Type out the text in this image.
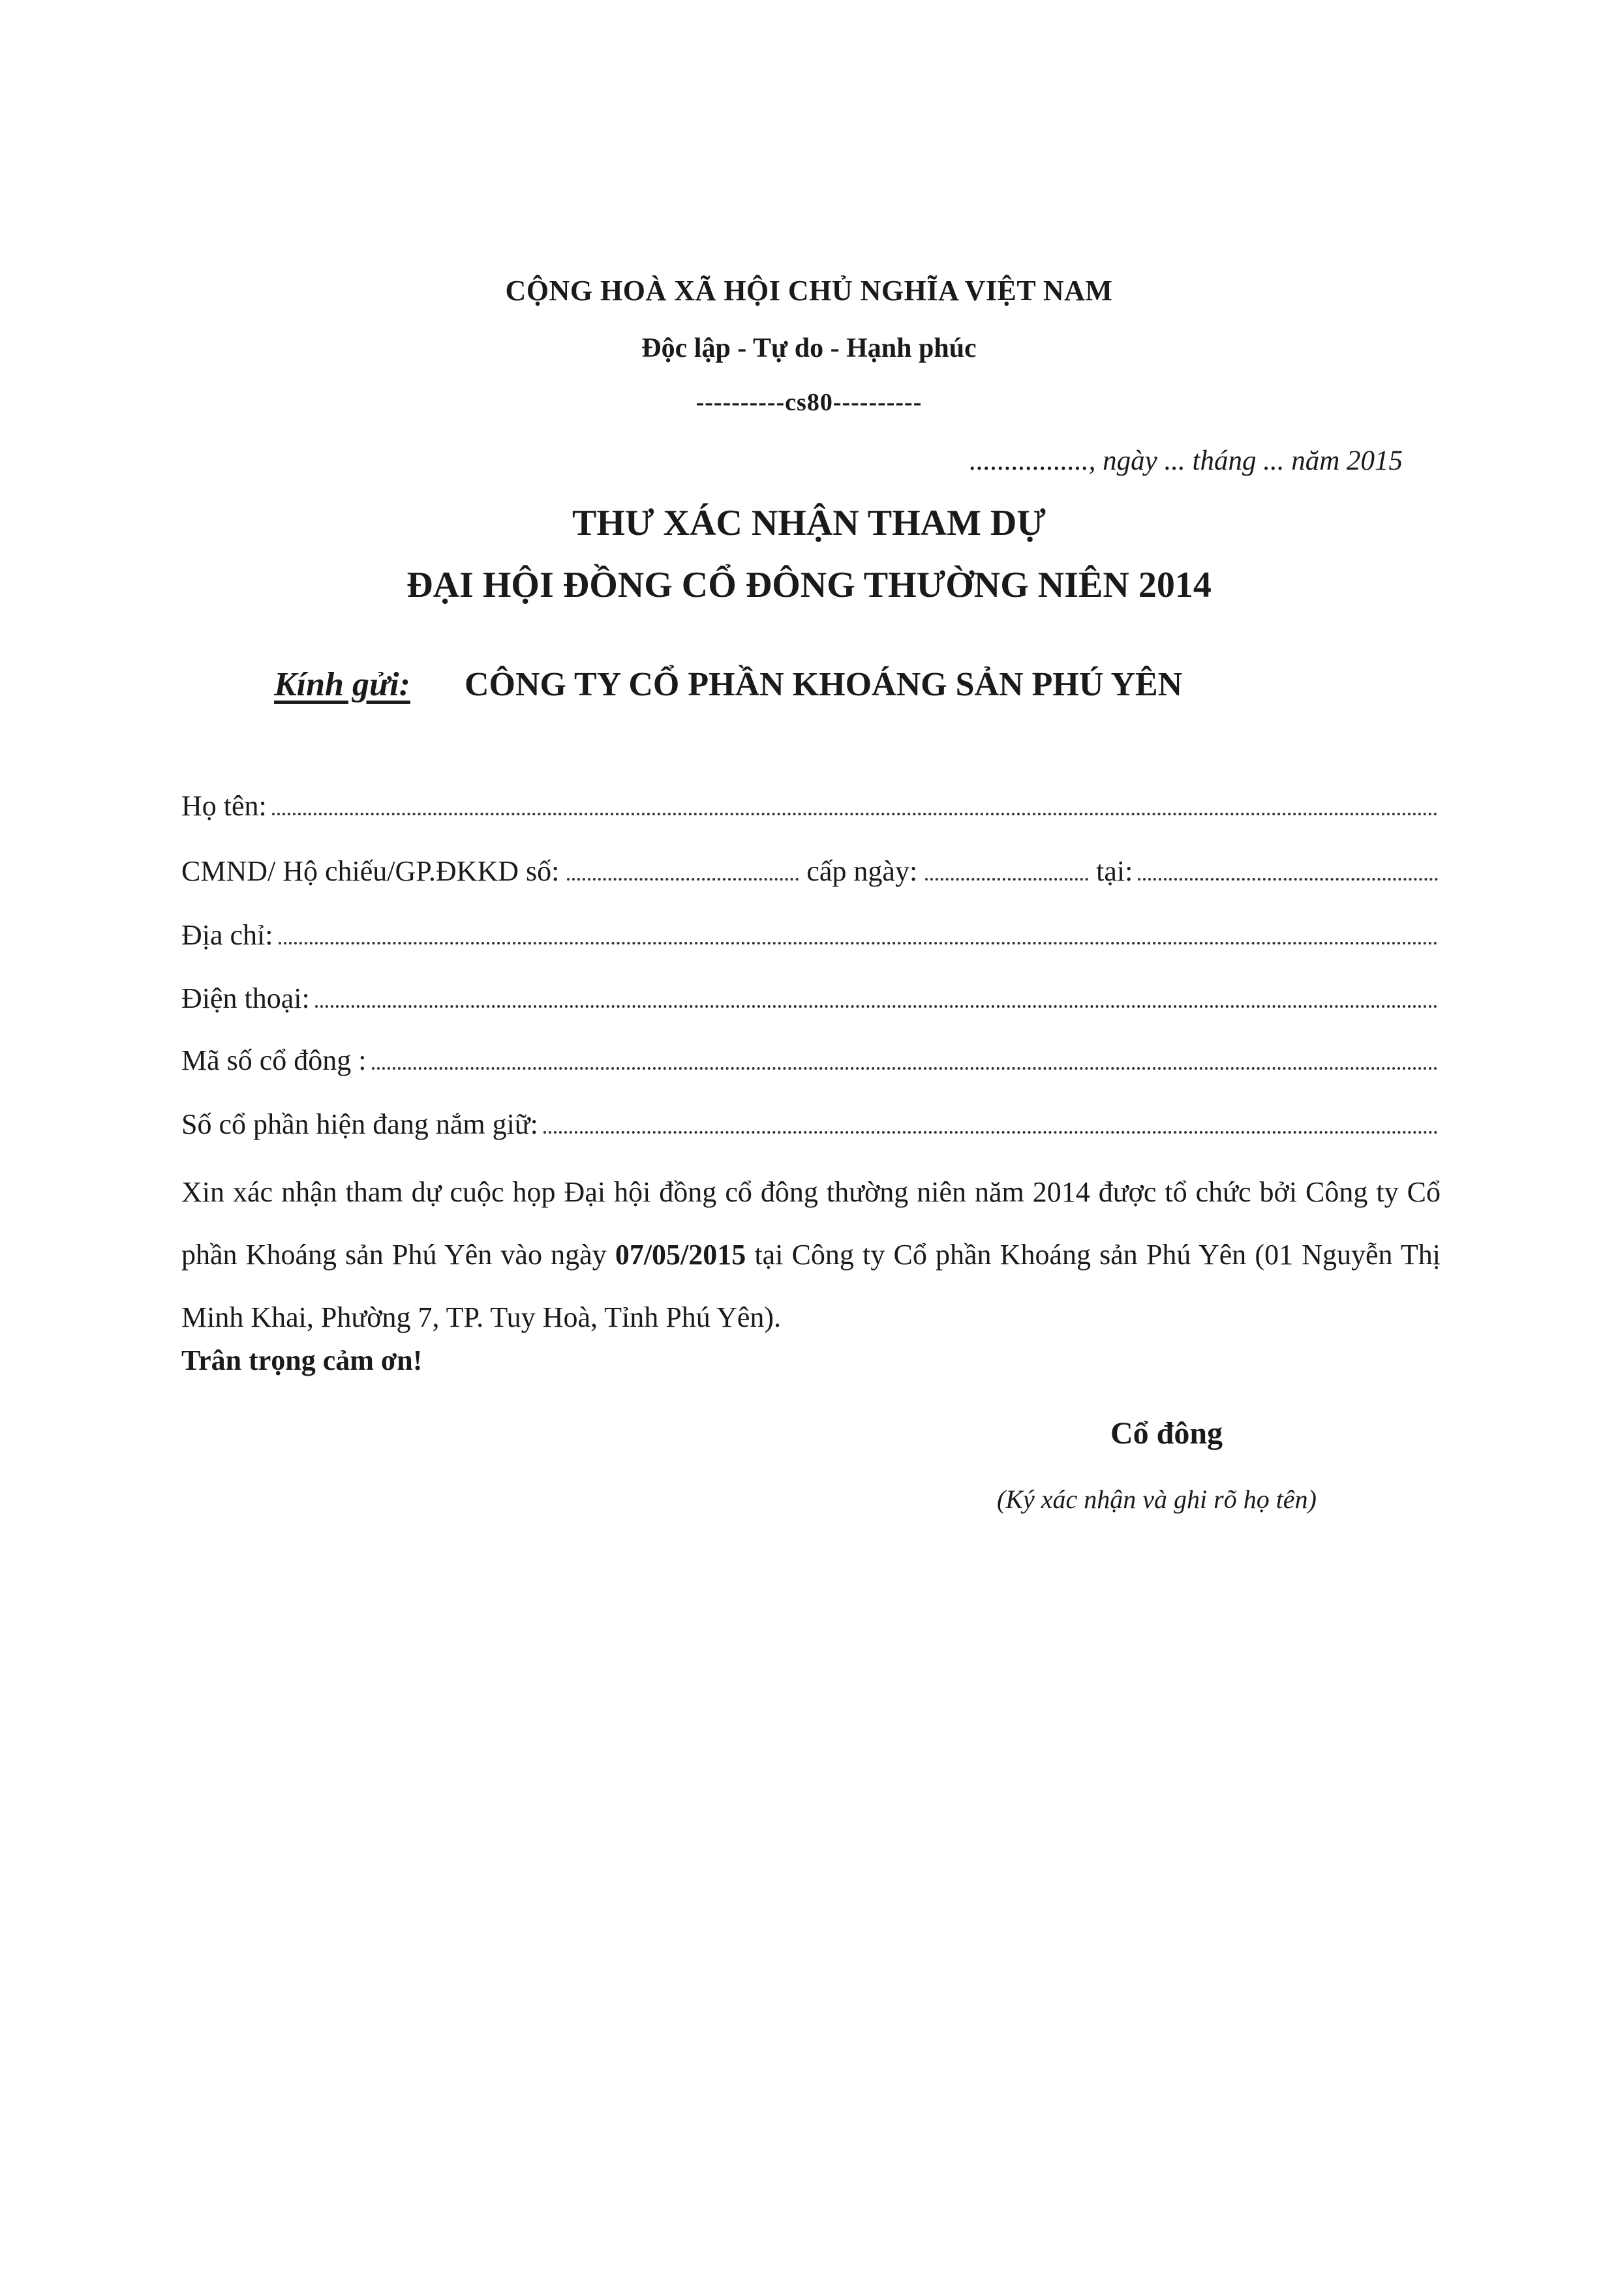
CỘNG HOÀ XÃ HỘI CHỦ NGHĨA VIỆT NAM
Độc lập - Tự do - Hạnh phúc
----------cs80----------
................., ngày ... tháng ... năm 2015
THƯ XÁC NHẬN THAM DỰ
ĐẠI HỘI ĐỒNG CỔ ĐÔNG THƯỜNG NIÊN 2014
Kính gửi: CÔNG TY CỔ PHẦN KHOÁNG SẢN PHÚ YÊN
Họ tên:
CMND/ Hộ chiếu/GP.ĐKKD số:	cấp ngày:	tại:
Địa chỉ:
Điện thoại:
Mã số cổ đông :
Số cổ phần hiện đang nắm giữ:
Xin xác nhận tham dự cuộc họp Đại hội đồng cổ đông thường niên năm 2014 được tổ chức bởi Công ty Cổ phần Khoáng sản Phú Yên vào ngày 07/05/2015 tại Công ty Cổ phần Khoáng sản Phú Yên (01 Nguyễn Thị Minh Khai, Phường 7, TP. Tuy Hoà, Tỉnh Phú Yên).
Trân trọng cảm ơn!
Cổ đông
(Ký xác nhận và ghi rõ họ tên)
